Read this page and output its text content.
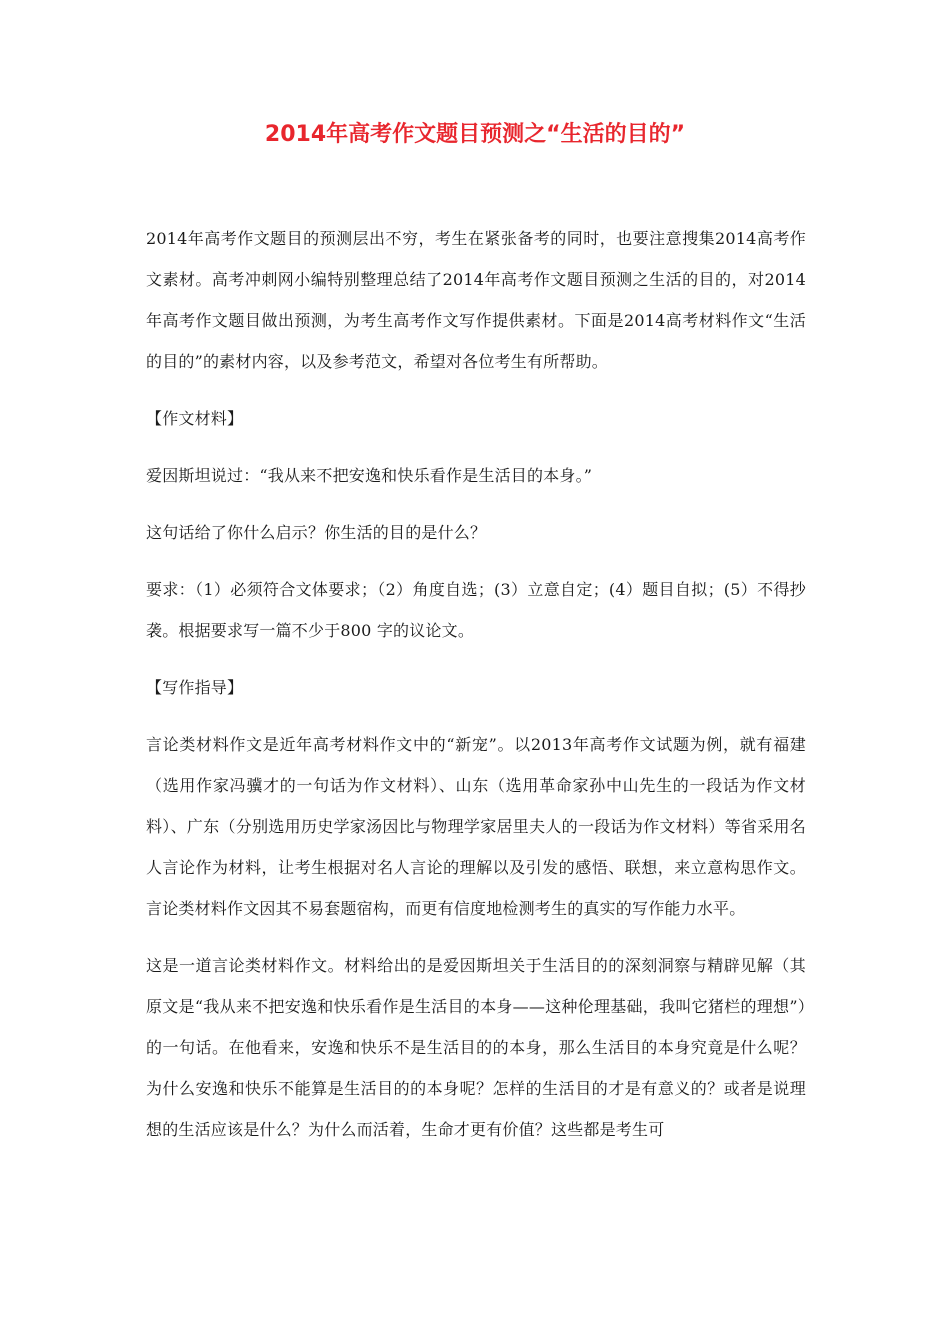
2014年高考作文题目预测之“生活的目的”

2014年高考作文题目的预测层出不穷，考生在紧张备考的同时，也要注意搜集2014高考作文素材。高考冲刺网小编特别整理总结了2014年高考作文题目预测之生活的目的，对2014年高考作文题目做出预测，为考生高考作文写作提供素材。下面是2014高考材料作文“生活的目的”的素材内容，以及参考范文，希望对各位考生有所帮助。

【作文材料】

爱因斯坦说过：“我从来不把安逸和快乐看作是生活目的本身。”

这句话给了你什么启示？你生活的目的是什么？

要求：（1）必须符合文体要求；（2）角度自选；(3）立意自定；(4）题目自拟；(5）不得抄袭。根据要求写一篇不少于800 字的议论文。

【写作指导】

言论类材料作文是近年高考材料作文中的“新宠”。以2013年高考作文试题为例，就有福建（选用作家冯骥才的一句话为作文材料）、山东（选用革命家孙中山先生的一段话为作文材料）、广东（分别选用历史学家汤因比与物理学家居里夫人的一段话为作文材料）等省采用名人言论作为材料，让考生根据对名人言论的理解以及引发的感悟、联想，来立意构思作文。言论类材料作文因其不易套题宿构，而更有信度地检测考生的真实的写作能力水平。

这是一道言论类材料作文。材料给出的是爱因斯坦关于生活目的的深刻洞察与精辟见解（其原文是“我从来不把安逸和快乐看作是生活目的本身——这种伦理基础，我叫它猪栏的理想”）的一句话。在他看来，安逸和快乐不是生活目的的本身，那么生活目的本身究竟是什么呢？为什么安逸和快乐不能算是生活目的的本身呢？怎样的生活目的才是有意义的？或者是说理想的生活应该是什么？为什么而活着，生命才更有价值？这些都是考生可
